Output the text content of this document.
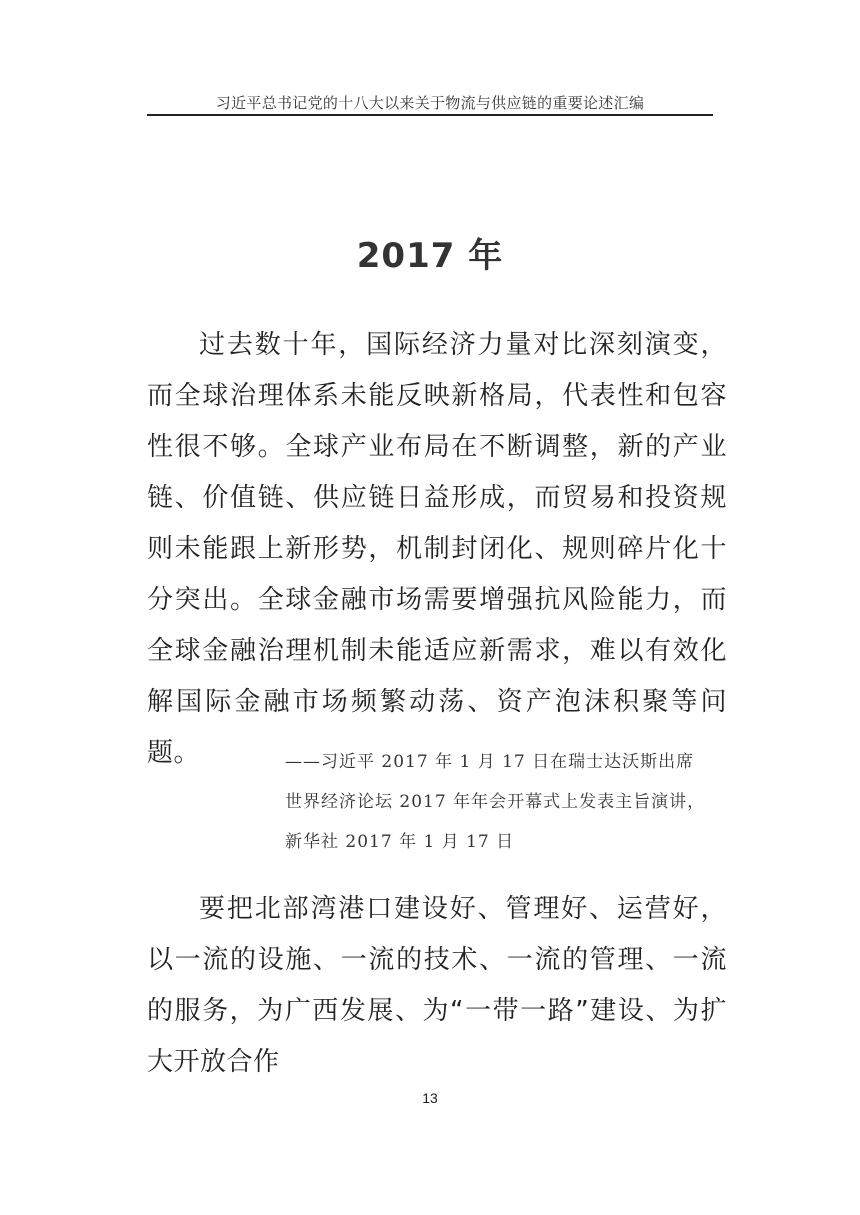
习近平总书记党的十八大以来关于物流与供应链的重要论述汇编
2017 年

过去数十年，国际经济力量对比深刻演变，而全球治理体系未能反映新格局，代表性和包容性很不够。全球产业布局在不断调整，新的产业链、价值链、供应链日益形成，而贸易和投资规则未能跟上新形势，机制封闭化、规则碎片化十分突出。全球金融市场需要增强抗风险能力，而全球金融治理机制未能适应新需求，难以有效化解国际金融市场频繁动荡、资产泡沫积聚等问题。	——习近平 2017 年 1 月 17 日在瑞士达沃斯出席
世界经济论坛 2017 年年会开幕式上发表主旨演讲，
新华社 2017 年 1 月 17 日

要把北部湾港口建设好、管理好、运营好，以一流的设施、一流的技术、一流的管理、一流的服务，为广西发展、为“一带一路”建设、为扩大开放合作

13
